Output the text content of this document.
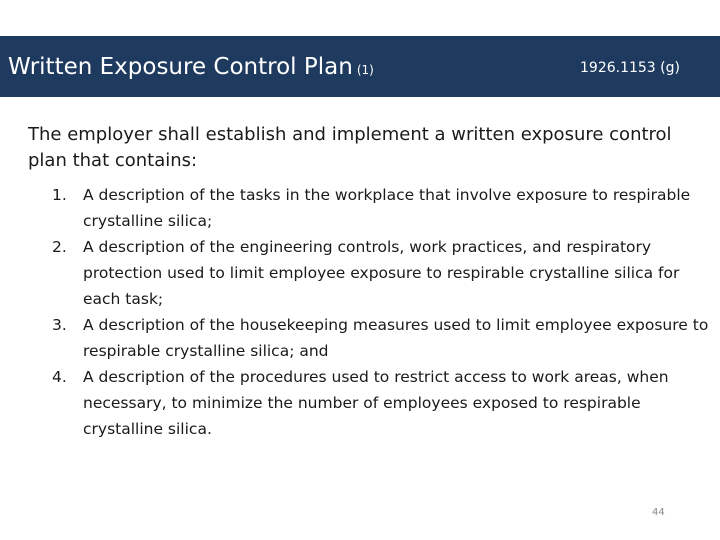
Written Exposure Control Plan (1)	1926.1153 (g)

The employer shall establish and implement a written exposure control plan that contains:

1. A description of the tasks in the workplace that involve exposure to respirable crystalline silica;
2. A description of the engineering controls, work practices, and respiratory protection used to limit employee exposure to respirable crystalline silica for each task;
3. A description of the housekeeping measures used to limit employee exposure to respirable crystalline silica; and
4. A description of the procedures used to restrict access to work areas, when necessary, to minimize the number of employees exposed to respirable crystalline silica.
44
